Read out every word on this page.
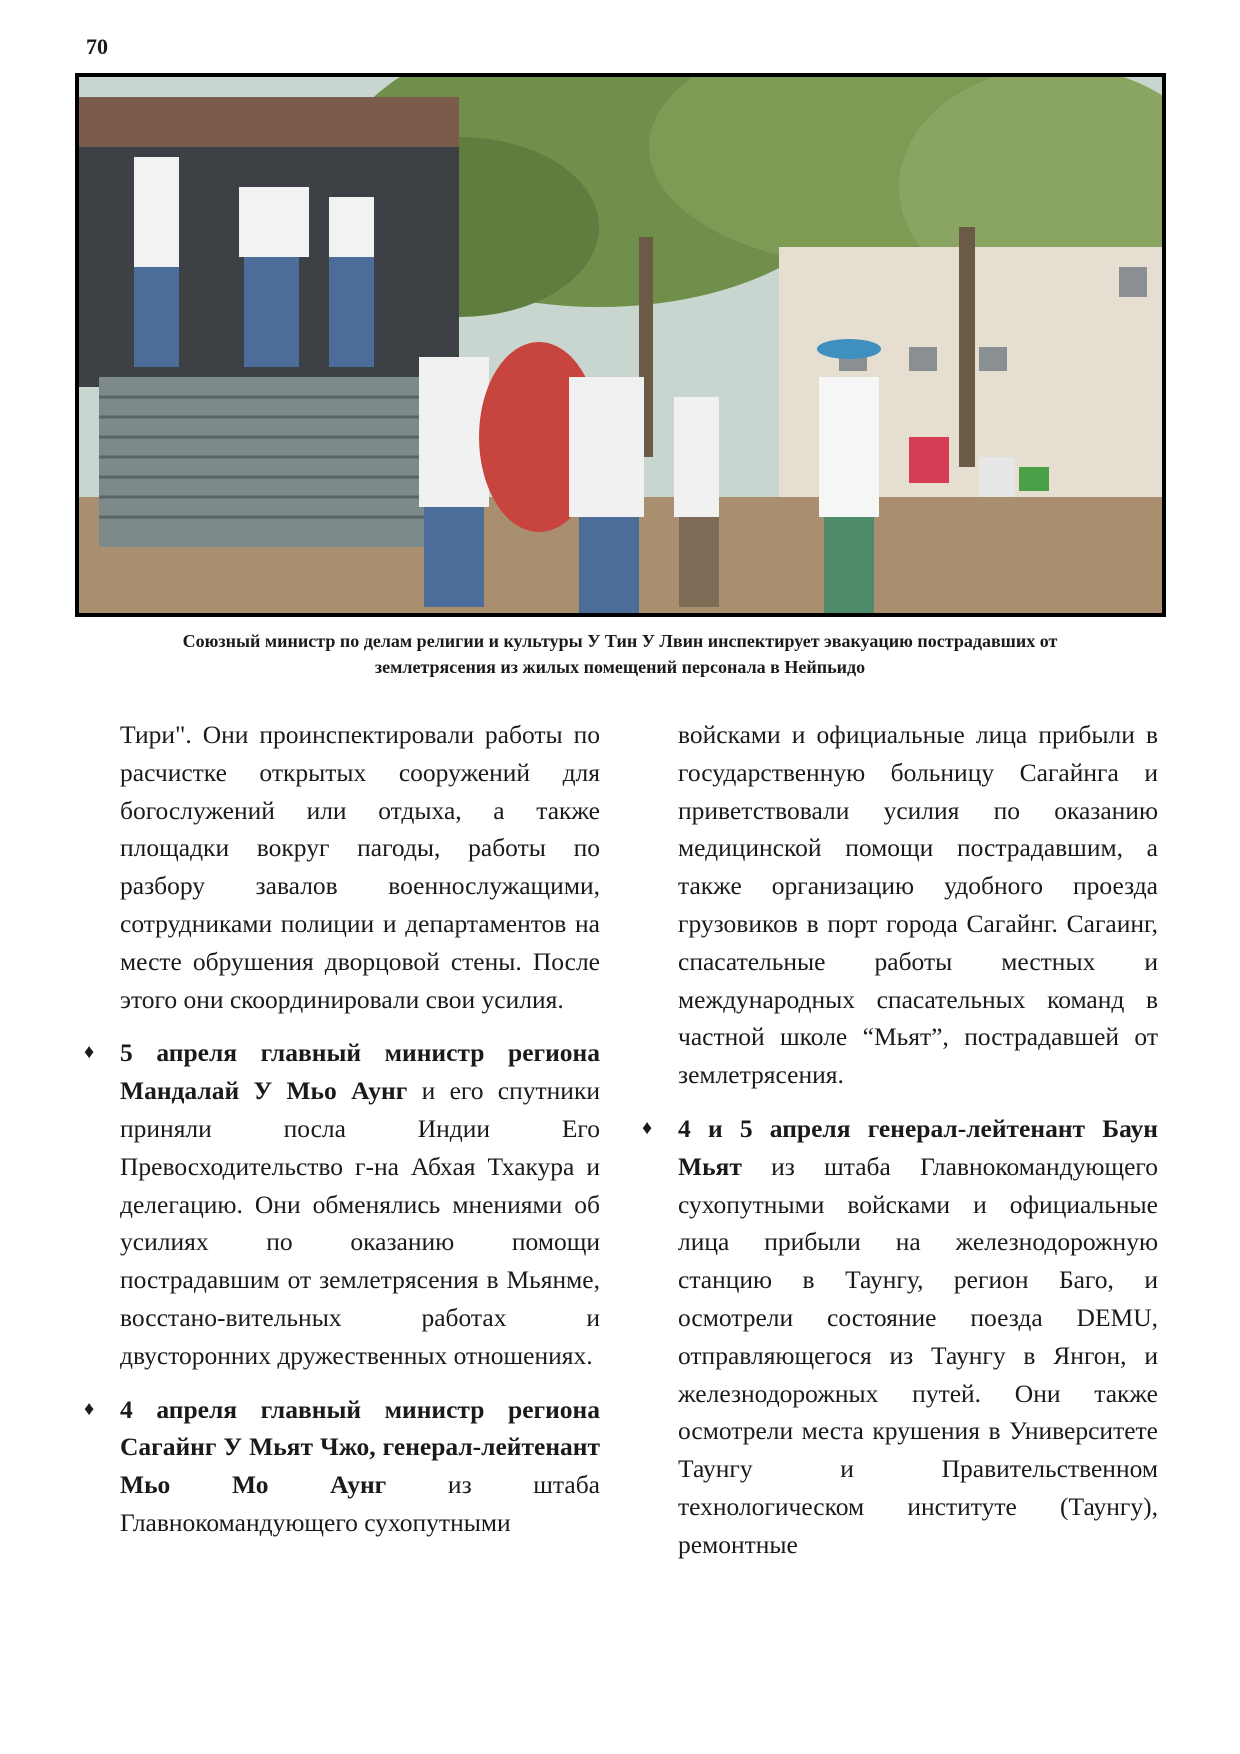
70
Союзный министр по делам религии и культуры У Тин У Лвин инспектирует эвакуацию пострадавших от
землетрясения из жилых помещений персонала в Нейпьидо

Тири". Они проинспектировали работы по расчистке открытых сооружений для богослужений или отдыха, а также площадки вокруг пагоды, работы по разбору завалов военнослужащими, сотрудниками полиции и департаментов на месте обрушения дворцовой стены. После этого они скоординировали свои усилия.

♦ 5 апреля главный министр региона Мандалай У Мьо Аунг и его спутники приняли посла Индии Его Превосходительство г-на Абхая Тхакура и делегацию. Они обменялись мнениями об усилиях по оказанию помощи пострадавшим от землетрясения в Мьянме, восстано-вительных работах и двусторонних дружественных отношениях.

♦ 4 апреля главный министр региона Сагайнг У Мьят Чжо, генерал-лейтенант Мьо Мо Аунг из штаба Главнокомандующего сухопутными

войсками и официальные лица прибыли в государственную больницу Сагайнга и приветствовали усилия по оказанию медицинской помощи пострадавшим, а также организацию удобного проезда грузовиков в порт города Сагайнг. Сагаинг, спасательные работы местных и международных спасательных команд в частной школе “Мьят”, пострадавшей от землетрясения.

♦ 4 и 5 апреля генерал-лейтенант Баун Мьят из штаба Главнокомандующего сухопутными войсками и официальные лица прибыли на железнодорожную станцию в Таунгу, регион Баго, и осмотрели состояние поезда DEMU, отправляющегося из Таунгу в Янгон, и железнодорожных путей. Они также осмотрели места крушения в Университете Таунгу и Правительственном технологическом институте (Таунгу), ремонтные
